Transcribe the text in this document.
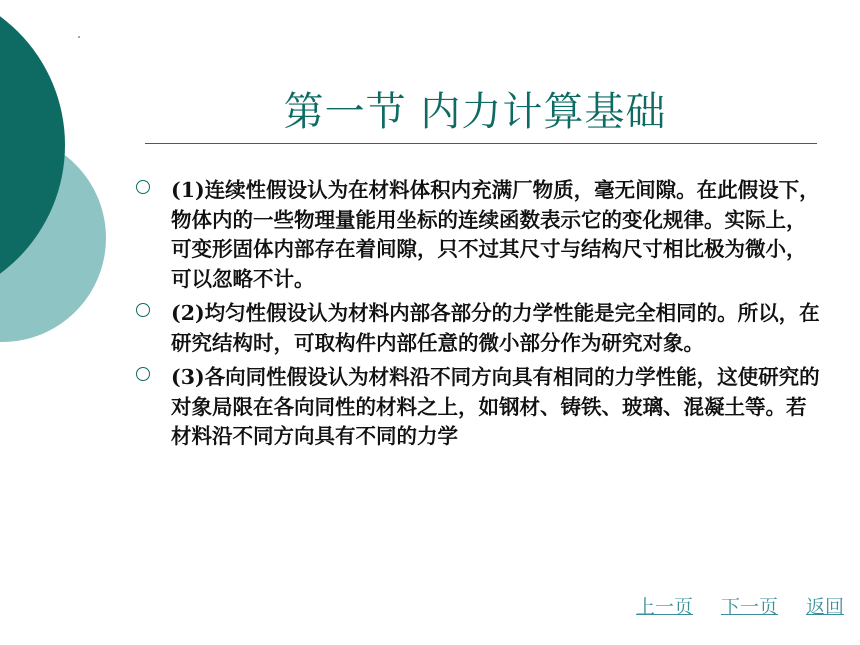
第一节 内力计算基础
(1)连续性假设认为在材料体积内充满厂物质，毫无间隙。在此假设下，物体内的一些物理量能用坐标的连续函数表示它的变化规律。实际上，可变形固体内部存在着间隙，只不过其尺寸与结构尺寸相比极为微小，可以忽略不计。
(2)均匀性假设认为材料内部各部分的力学性能是完全相同的。所以，在研究结构时，可取构件内部任意的微小部分作为研究对象。
(3)各向同性假设认为材料沿不同方向具有相同的力学性能，这使研究的对象局限在各向同性的材料之上，如钢材、铸铁、玻璃、混凝土等。若材料沿不同方向具有不同的力学
上一页 下一页 返回
